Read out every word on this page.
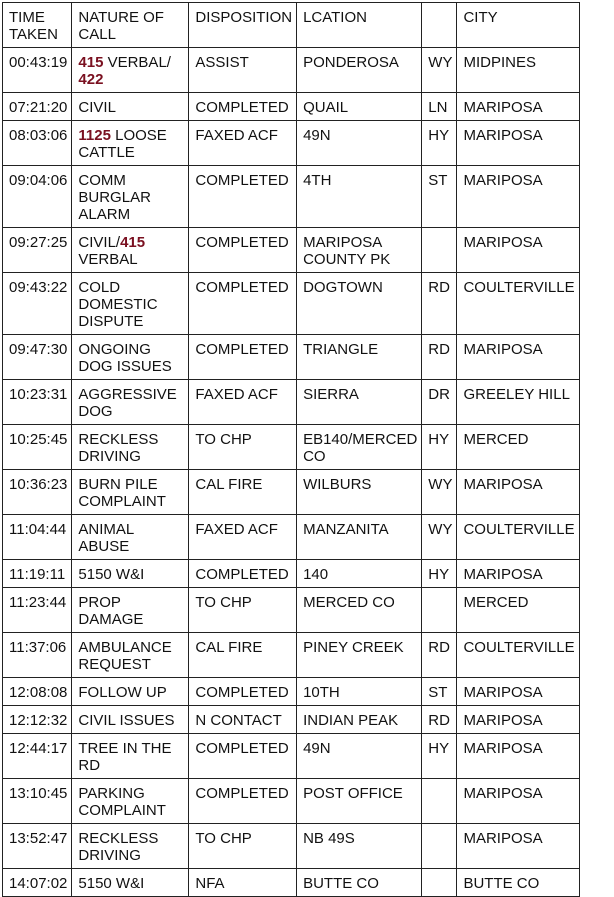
TIME TAKEN	NATURE OF CALL	DISPOSITION	LCATION		CITY
00:43:19	415 VERBAL/ 422	ASSIST	PONDEROSA	WY	MIDPINES
07:21:20	CIVIL	COMPLETED	QUAIL	LN	MARIPOSA
08:03:06	1125 LOOSE CATTLE	FAXED ACF	49N	HY	MARIPOSA
09:04:06	COMM BURGLAR ALARM	COMPLETED	4TH	ST	MARIPOSA
09:27:25	CIVIL/415 VERBAL	COMPLETED	MARIPOSA COUNTY PK		MARIPOSA
09:43:22	COLD DOMESTIC DISPUTE	COMPLETED	DOGTOWN	RD	COULTERVILLE
09:47:30	ONGOING DOG ISSUES	COMPLETED	TRIANGLE	RD	MARIPOSA
10:23:31	AGGRESSIVE DOG	FAXED ACF	SIERRA	DR	GREELEY HILL
10:25:45	RECKLESS DRIVING	TO CHP	EB140/MERCED CO	HY	MERCED
10:36:23	BURN PILE COMPLAINT	CAL FIRE	WILBURS	WY	MARIPOSA
11:04:44	ANIMAL ABUSE	FAXED ACF	MANZANITA	WY	COULTERVILLE
11:19:11	5150 W&I	COMPLETED	140	HY	MARIPOSA
11:23:44	PROP DAMAGE	TO CHP	MERCED CO		MERCED
11:37:06	AMBULANCE REQUEST	CAL FIRE	PINEY CREEK	RD	COULTERVILLE
12:08:08	FOLLOW UP	COMPLETED	10TH	ST	MARIPOSA
12:12:32	CIVIL ISSUES	N CONTACT	INDIAN PEAK	RD	MARIPOSA
12:44:17	TREE IN THE RD	COMPLETED	49N	HY	MARIPOSA
13:10:45	PARKING COMPLAINT	COMPLETED	POST OFFICE		MARIPOSA
13:52:47	RECKLESS DRIVING	TO CHP	NB 49S		MARIPOSA
14:07:02	5150 W&I	NFA	BUTTE CO		BUTTE CO
